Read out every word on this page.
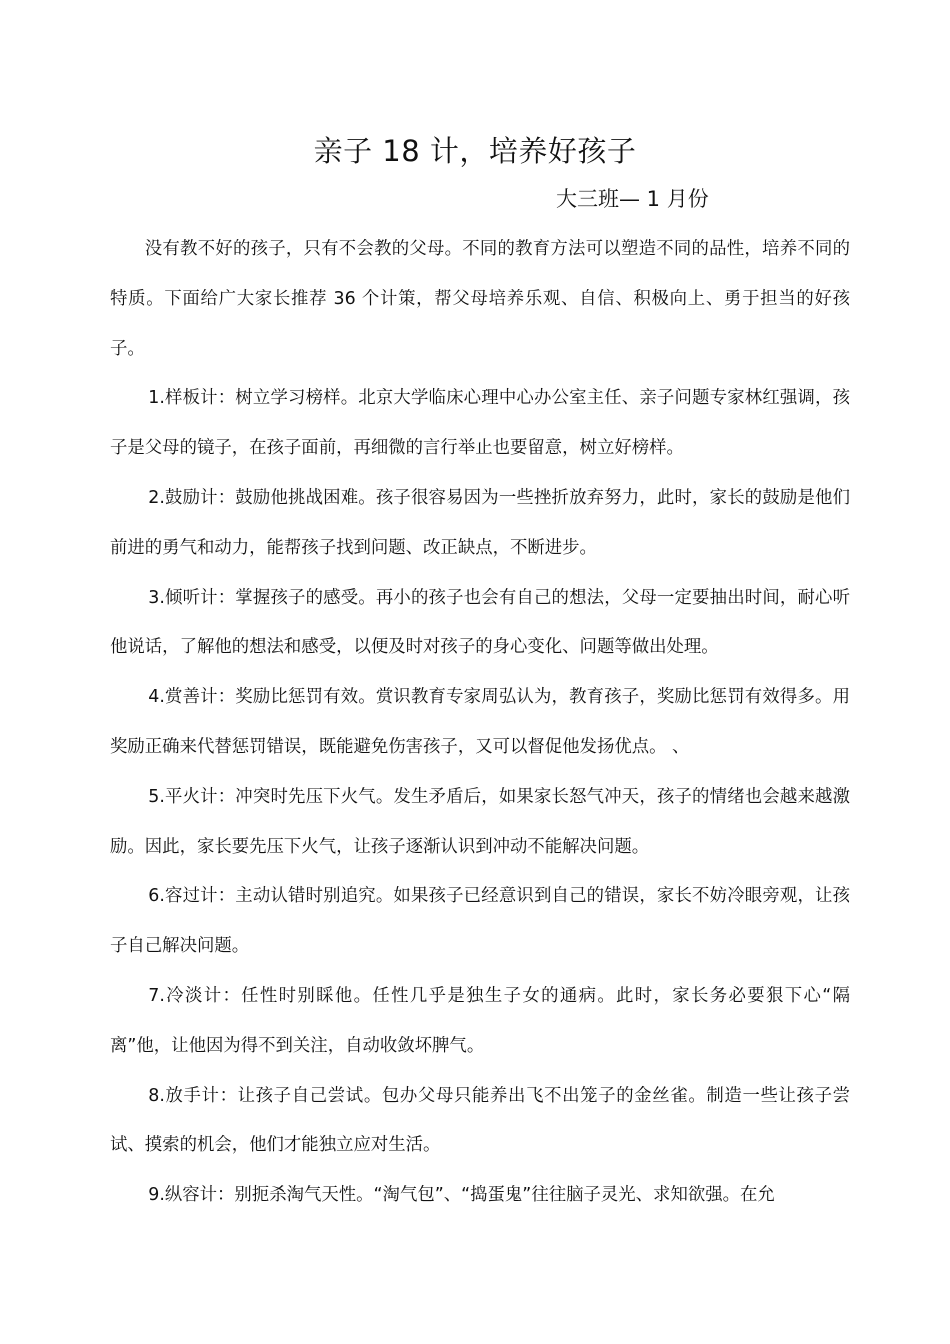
亲子 18 计，培养好孩子
大三班— 1 月份

没有教不好的孩子，只有不会教的父母。不同的教育方法可以塑造不同的品性，培养不同的特质。下面给广大家长推荐 36 个计策，帮父母培养乐观、自信、积极向上、勇于担当的好孩子。

1.样板计：树立学习榜样。北京大学临床心理中心办公室主任、亲子问题专家林红强调，孩子是父母的镜子，在孩子面前，再细微的言行举止也要留意，树立好榜样。

2.鼓励计：鼓励他挑战困难。孩子很容易因为一些挫折放弃努力，此时，家长的鼓励是他们前进的勇气和动力，能帮孩子找到问题、改正缺点，不断进步。

3.倾听计：掌握孩子的感受。再小的孩子也会有自己的想法，父母一定要抽出时间，耐心听他说话，了解他的想法和感受，以便及时对孩子的身心变化、问题等做出处理。

4.赏善计：奖励比惩罚有效。赏识教育专家周弘认为，教育孩子，奖励比惩罚有效得多。用奖励正确来代替惩罚错误，既能避免伤害孩子，又可以督促他发扬优点。 、

5.平火计：冲突时先压下火气。发生矛盾后，如果家长怒气冲天，孩子的情绪也会越来越激励。因此，家长要先压下火气，让孩子逐渐认识到冲动不能解决问题。

6.容过计：主动认错时别追究。如果孩子已经意识到自己的错误，家长不妨冷眼旁观，让孩子自己解决问题。

7.冷淡计：任性时别睬他。任性几乎是独生子女的通病。此时，家长务必要狠下心“隔离”他，让他因为得不到关注，自动收敛坏脾气。

8.放手计：让孩子自己尝试。包办父母只能养出飞不出笼子的金丝雀。制造一些让孩子尝试、摸索的机会，他们才能独立应对生活。

9.纵容计：别扼杀淘气天性。“淘气包”、“捣蛋鬼”往往脑子灵光、求知欲强。在允
